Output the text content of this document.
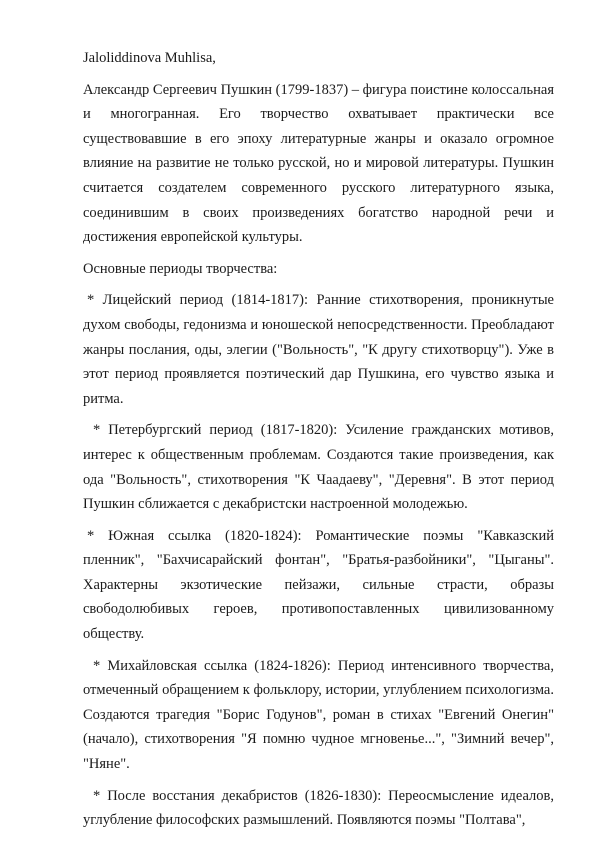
Jaloliddinova Muhlisa,

Александр Сергеевич Пушкин (1799-1837) – фигура поистине колоссальная и многогранная. Его творчество охватывает практически все существовавшие в его эпоху литературные жанры и оказало огромное влияние на развитие не только русской, но и мировой литературы. Пушкин считается создателем современного русского литературного языка, соединившим в своих произведениях богатство народной речи и достижения европейской культуры.

Основные периоды творчества:

* Лицейский период (1814-1817): Ранние стихотворения, проникнутые духом свободы, гедонизма и юношеской непосредственности. Преобладают жанры послания, оды, элегии ("Вольность", "К другу стихотворцу"). Уже в этот период проявляется поэтический дар Пушкина, его чувство языка и ритма.

* Петербургский период (1817-1820): Усиление гражданских мотивов, интерес к общественным проблемам. Создаются такие произведения, как ода "Вольность", стихотворения "К Чаадаеву", "Деревня". В этот период Пушкин сближается с декабристски настроенной молодежью.

* Южная ссылка (1820-1824): Романтические поэмы "Кавказский пленник", "Бахчисарайский фонтан", "Братья-разбойники", "Цыганы". Характерны экзотические пейзажи, сильные страсти, образы свободолюбивых героев, противопоставленных цивилизованному обществу.

* Михайловская ссылка (1824-1826): Период интенсивного творчества, отмеченный обращением к фольклору, истории, углублением психологизма. Создаются трагедия "Борис Годунов", роман в стихах "Евгений Онегин" (начало), стихотворения "Я помню чудное мгновенье...", "Зимний вечер", "Няне".

* После восстания декабристов (1826-1830): Переосмысление идеалов, углубление философских размышлений. Появляются поэмы "Полтава",
